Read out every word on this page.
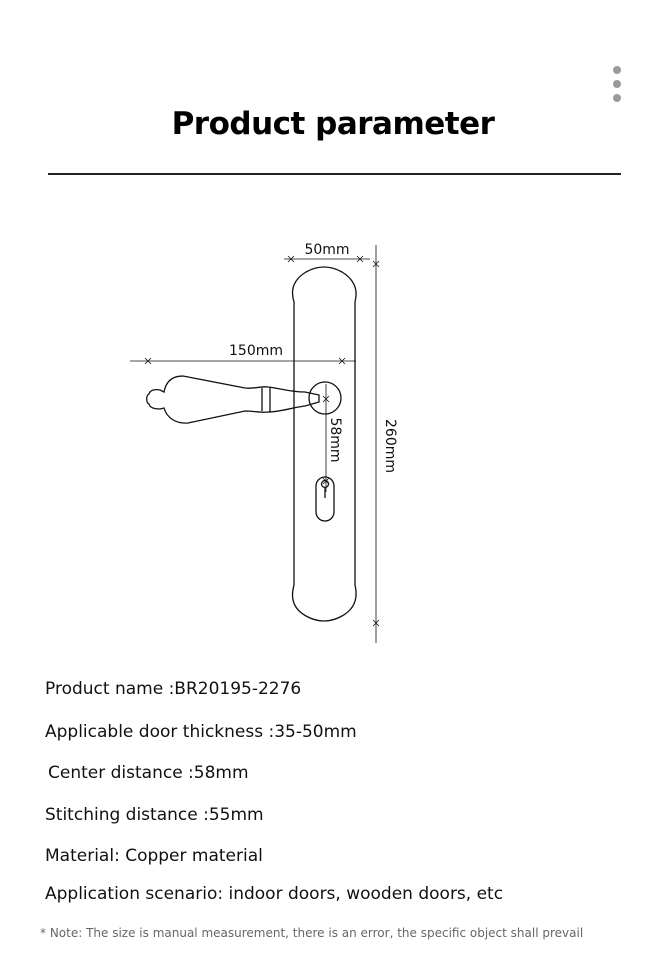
Product parameter
50mm
150mm
58mm	260mm
Product name :BR20195-2276
Applicable door thickness :35-50mm
Center distance :58mm
Stitching distance :55mm
Material: Copper material
Application scenario: indoor doors, wooden doors, etc
* Note: The size is manual measurement, there is an error, the specific object shall prevail
